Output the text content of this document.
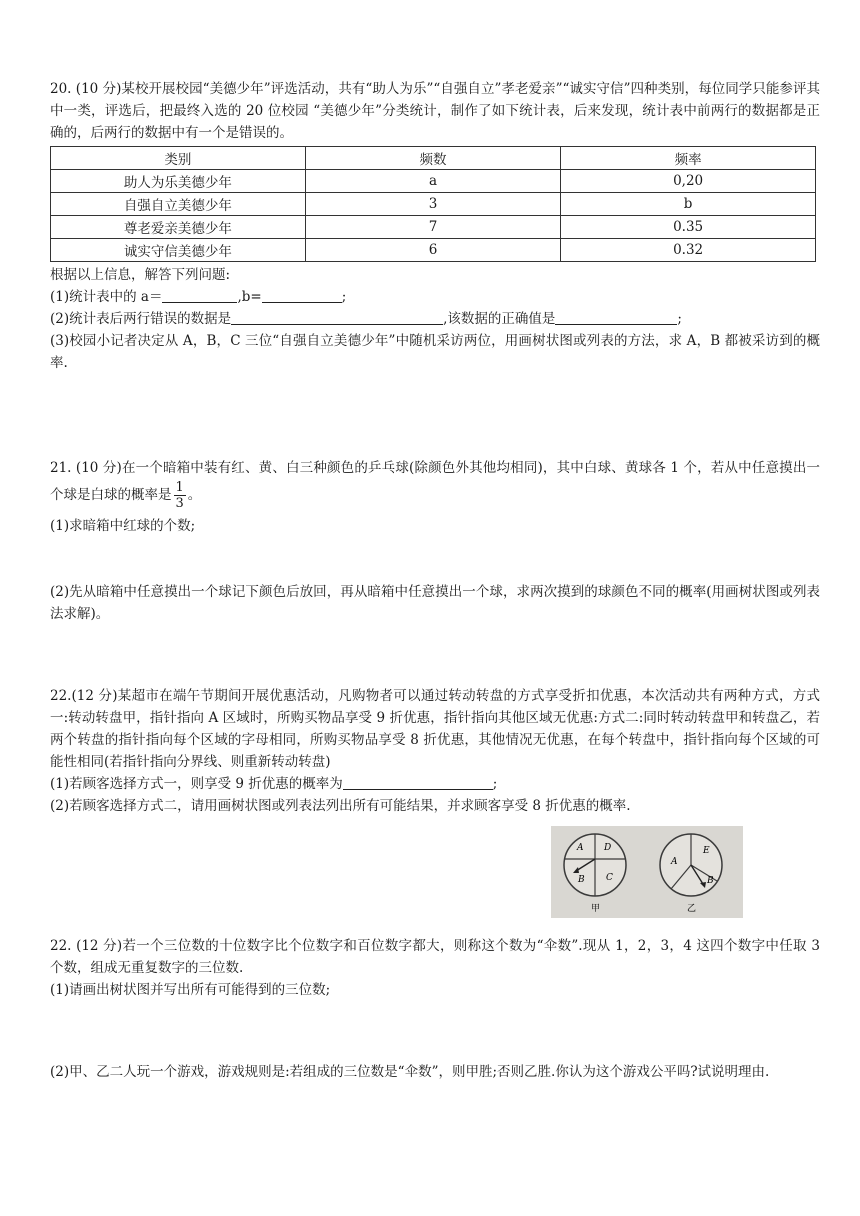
20. (10 分)某校开展校园“美德少年”评选活动，共有“助人为乐”“自强自立”孝老爱亲”“诚实守信”四种类别，每位同学只能参评其中一类，评选后，把最终入选的 20 位校园 “美德少年”分类统计，制作了如下统计表，后来发现，统计表中前两行的数据都是正确的，后两行的数据中有一个是错误的。

类别	频数	频率
助人为乐美德少年	a	0,20
自强自立美德少年	3	b
尊老爱亲美德少年	7	0.35
诚实守信美德少年	6	0.32

根据以上信息，解答下列问题:

(1)统计表中的 a＝	,b=	;

(2)统计表后两行错误的数据是	,该数据的正确值是	;

(3)校园小记者决定从 A，B，C 三位“自强自立美德少年”中随机采访两位，用画树状图或列表的方法，求 A，B 都被采访到的概率.

21. (10 分)在一个暗箱中装有红、黄、白三种颜色的乒乓球(除颜色外其他均相同)，其中白球、黄球各 1 个，若从中任意摸出一个球是白球的概率是 $\frac{1}{3}$ 。

(1)求暗箱中红球的个数;

(2)先从暗箱中任意摸出一个球记下颜色后放回，再从暗箱中任意摸出一个球，求两次摸到的球颜色不同的概率(用画树状图或列表法求解)。

22.(12 分)某超市在端午节期间开展优惠活动，凡购物者可以通过转动转盘的方式享受折扣优惠，本次活动共有两种方式，方式一:转动转盘甲，指针指向 A 区域时，所购买物品享受 9 折优惠，指针指向其他区域无优惠:方式二:同时转动转盘甲和转盘乙，若两个转盘的指针指向每个区域的字母相同，所购买物品享受 8 折优惠，其他情况无优惠，在每个转盘中，指针指向每个区域的可能性相同(若指针指向分界线、则重新转动转盘)

(1)若顾客选择方式一，则享受 9 折优惠的概率为	;

(2)若顾客选择方式二，请用画树状图或列表法列出所有可能结果，并求顾客享受 8 折优惠的概率.

A D
B C
甲
E
A
B
乙

22. (12 分)若一个三位数的十位数字比个位数字和百位数字都大，则称这个数为“伞数”.现从 1，2，3，4 这四个数字中任取 3 个数，组成无重复数字的三位数.

(1)请画出树状图并写出所有可能得到的三位数;

(2)甲、乙二人玩一个游戏，游戏规则是:若组成的三位数是“伞数”，则甲胜;否则乙胜.你认为这个游戏公平吗?试说明理由.
